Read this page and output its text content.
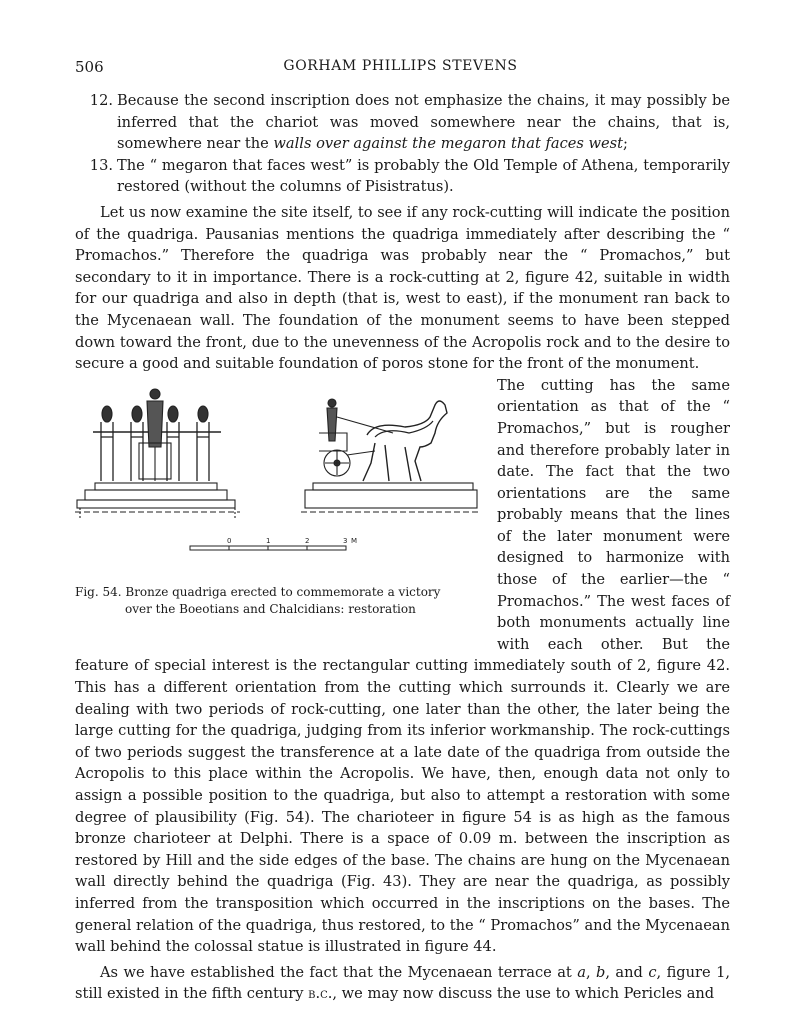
506	GORHAM PHILLIPS STEVENS
12. Because the second inscription does not emphasize the chains, it may possibly be inferred that the chariot was moved somewhere near the chains, that is, somewhere near the walls over against the megaron that faces west;
13. The “ megaron that faces west” is probably the Old Temple of Athena, temporarily restored (without the columns of Pisistratus).

Let us now examine the site itself, to see if any rock-cutting will indicate the position of the quadriga. Pausanias mentions the quadriga immediately after describing the “ Promachos.” Therefore the quadriga was probably near the “ Promachos,” but secondary to it in importance. There is a rock-cutting at 2, figure 42, suitable in width for our quadriga and also in depth (that is, west to east), if the monument ran back to the Mycenaean wall. The foundation of the monument seems to have been stepped down toward the front, due to the unevenness of the Acropolis rock and to the desire to secure a good and suitable foundation of poros stone for the front of the monument.

0	1	2	3 M
Fig. 54. Bronze quadriga erected to commemorate a victory
over the Boeotians and Chalcidians: restoration

The cutting has the same orientation as that of the “ Promachos,” but is rougher and therefore probably later in date. The fact that the two orientations are the same probably means that the lines of the later monument were designed to harmonize with those of the earlier—the “ Promachos.” The west faces of both monuments actually line with each other. But the feature of special interest is the rectangular cutting immediately south of 2, figure 42. This has a different orientation from the cutting which surrounds it. Clearly we are dealing with two periods of rock-cutting, one later than the other, the later being the large cutting for the quadriga, judging from its inferior workmanship. The rock-cuttings of two periods suggest the transference at a late date of the quadriga from outside the Acropolis to this place within the Acropolis. We have, then, enough data not only to assign a possible position to the quadriga, but also to attempt a restoration with some degree of plausibility (Fig. 54). The charioteer in figure 54 is as high as the famous bronze charioteer at Delphi. There is a space of 0.09 m. between the inscription as restored by Hill and the side edges of the base. The chains are hung on the Mycenaean wall directly behind the quadriga (Fig. 43). They are near the quadriga, as possibly inferred from the transposition which occurred in the inscriptions on the bases. The general relation of the quadriga, thus restored, to the “ Promachos” and the Mycenaean wall behind the colossal statue is illustrated in figure 44.

As we have established the fact that the Mycenaean terrace at a, b, and c, figure 1, still existed in the fifth century b.c., we may now discuss the use to which Pericles and
